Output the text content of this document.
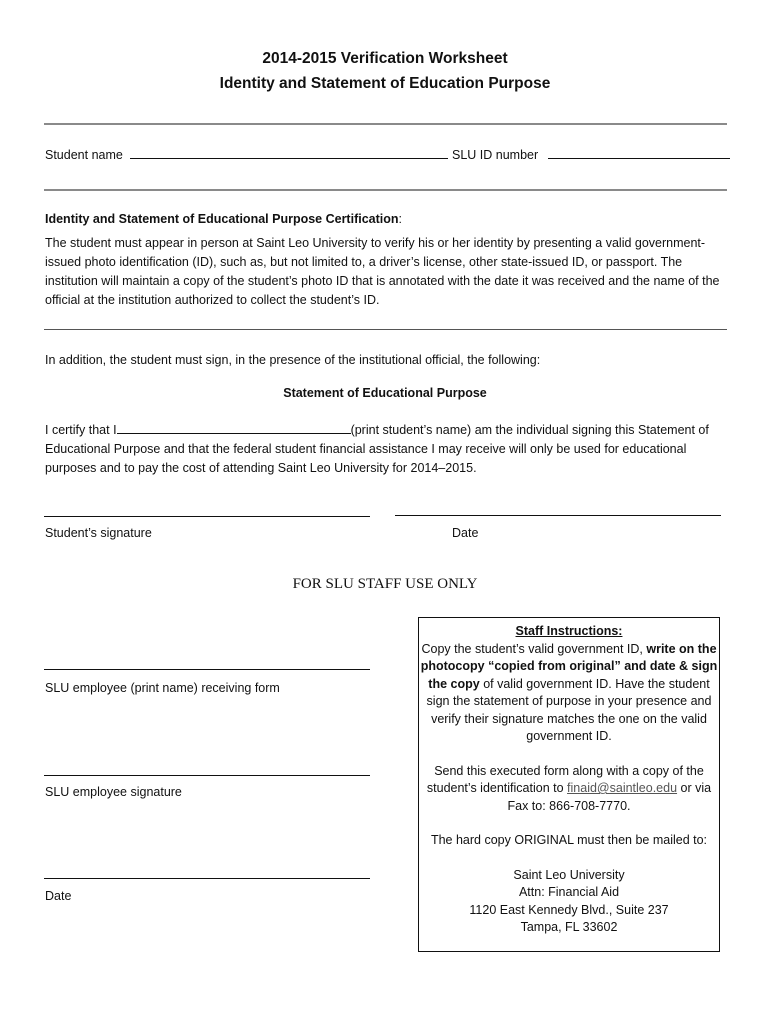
2014-2015 Verification Worksheet
Identity and Statement of Education Purpose
Student name	SLU ID number
Identity and Statement of Educational Purpose Certification:
The student must appear in person at Saint Leo University to verify his or her identity by presenting a valid government-issued photo identification (ID), such as, but not limited to, a driver’s license, other state-issued ID, or passport. The institution will maintain a copy of the student’s photo ID that is annotated with the date it was received and the name of the official at the institution authorized to collect the student’s ID.
In addition, the student must sign, in the presence of the institutional official, the following:
Statement of Educational Purpose
I certify that I	(print student’s name) am the individual signing this Statement of Educational Purpose and that the federal student financial assistance I may receive will only be used for educational purposes and to pay the cost of attending Saint Leo University for 2014–2015.
Student’s signature	Date
FOR SLU STAFF USE ONLY
SLU employee (print name) receiving form
SLU employee signature
Date

Staff Instructions:

Copy the student’s valid government ID, write on the photocopy “copied from original” and date & sign the copy of valid government ID. Have the student sign the statement of purpose in your presence and verify their signature matches the one on the valid government ID.

Send this executed form along with a copy of the student’s identification to finaid@saintleo.edu or via Fax to: 866-708-7770.

The hard copy ORIGINAL must then be mailed to:

Saint Leo University

Attn: Financial Aid

1120 East Kennedy Blvd., Suite 237

Tampa, FL 33602
